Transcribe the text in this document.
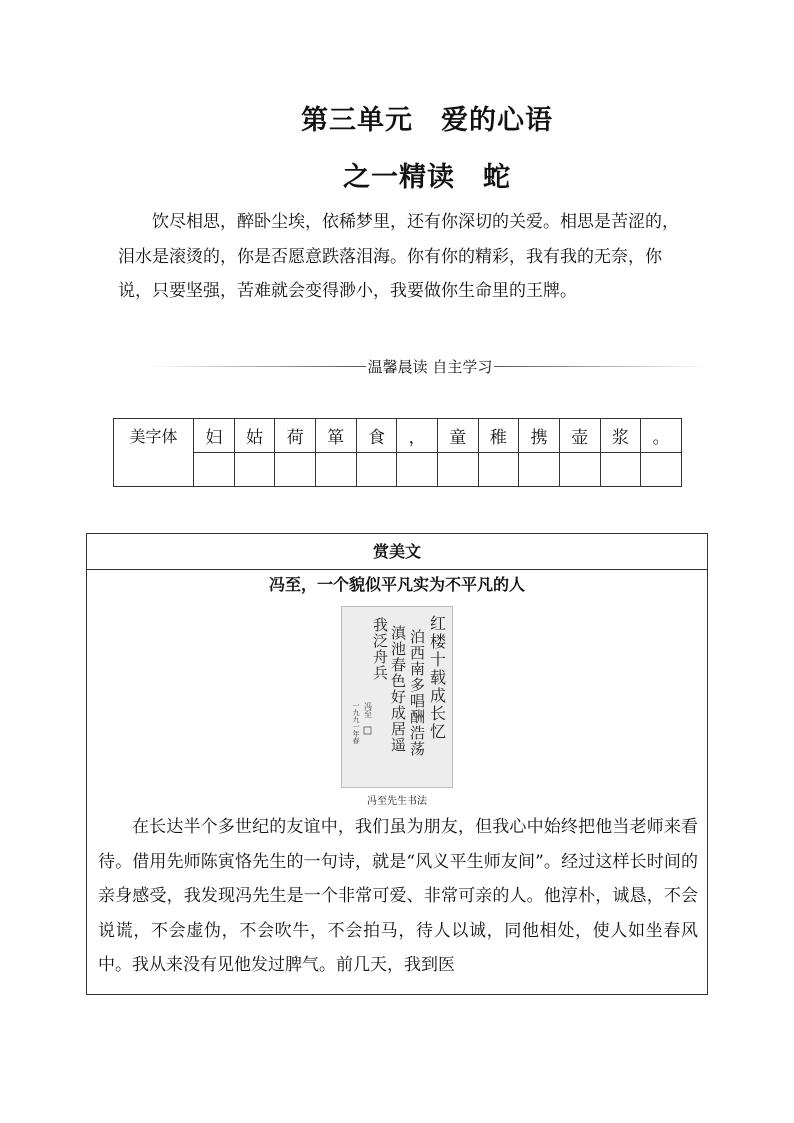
第三单元　爱的心语
之一精读　蛇

饮尽相思，醉卧尘埃，依稀梦里，还有你深切的关爱。相思是苦涩的，泪水是滚烫的，你是否愿意跌落泪海。你有你的精彩，我有我的无奈，你说，只要坚强，苦难就会变得渺小，我要做你生命里的王牌。

温馨晨读 自主学习
美字体	妇	姑	荷	箪	食	，	童	稚	携	壶	浆	。

赏美文
冯至，一个貌似平凡实为不平凡的人
红楼十载成长忆
泊西南多唱酬浩荡
滇池春色好成居遥
我泛舟兵
冯至
一九九一年春
冯至先生书法

在长达半个多世纪的友谊中，我们虽为朋友，但我心中始终把他当老师来看待。借用先师陈寅恪先生的一句诗，就是“风义平生师友间”。经过这样长时间的亲身感受，我发现冯先生是一个非常可爱、非常可亲的人。他淳朴，诚恳，不会说谎，不会虚伪，不会吹牛，不会拍马，待人以诚，同他相处，使人如坐春风中。我从来没有见他发过脾气。前几天，我到医
